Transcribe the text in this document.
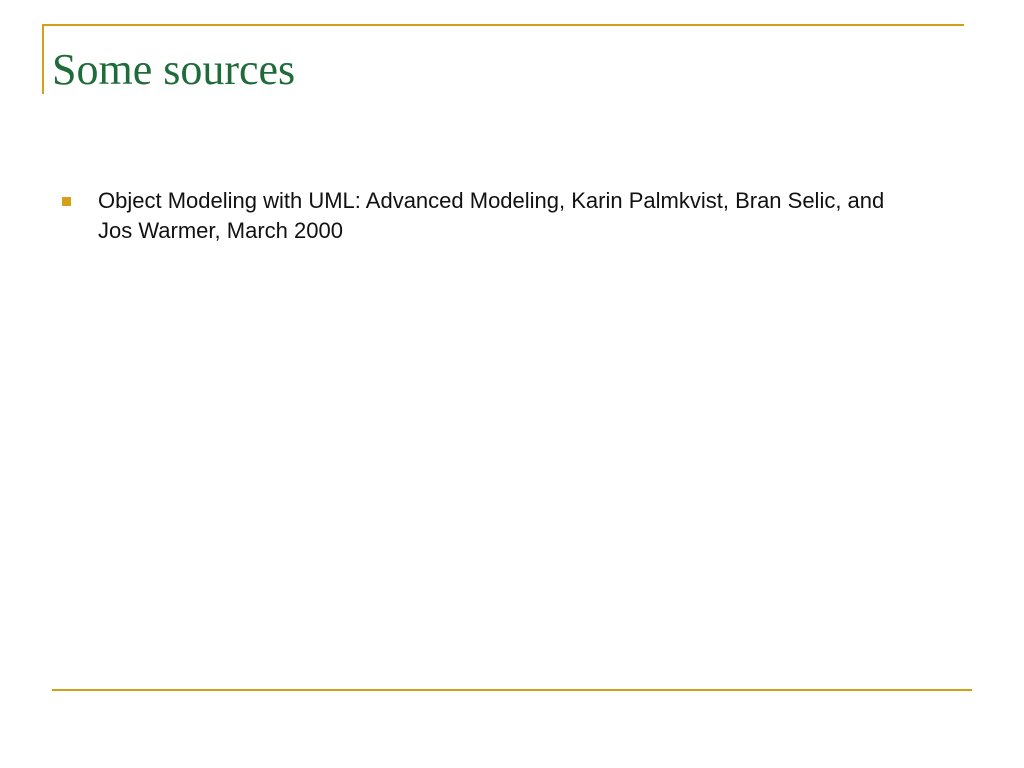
Some sources
Object Modeling with UML: Advanced Modeling, Karin Palmkvist, Bran Selic, and Jos Warmer, March 2000
